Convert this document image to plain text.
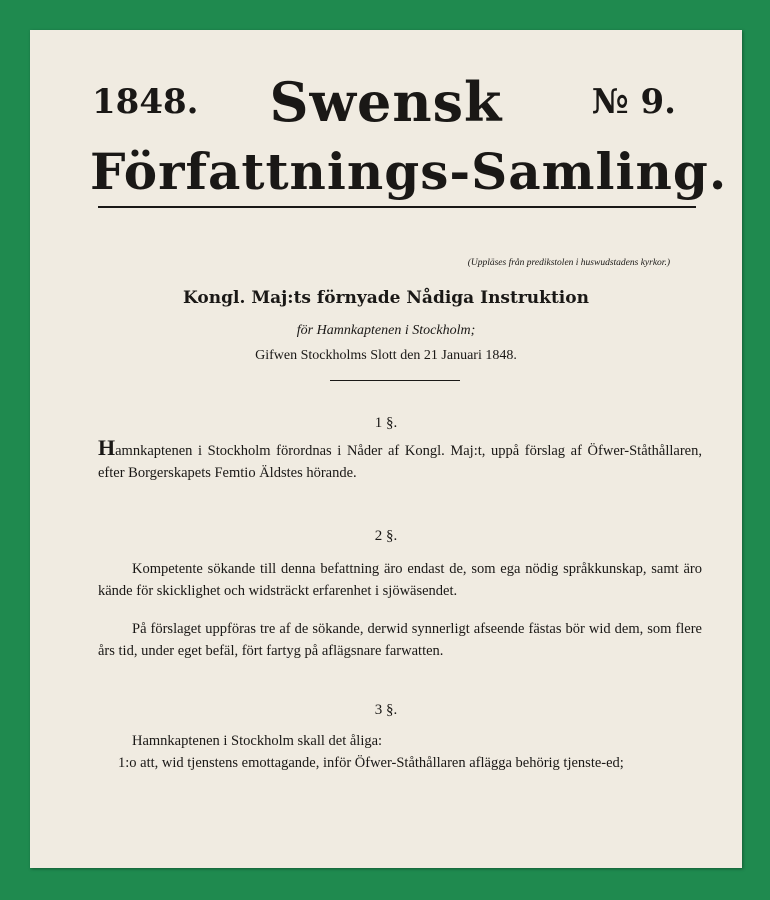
1848.	Swensk	№ 9.
Författnings-Samling.
(Uppläses från predikstolen i huswudstadens kyrkor.)
Kongl. Maj:ts förnyade Nådiga Instruktion
för Hamnkaptenen i Stockholm;
Gifwen Stockholms Slott den 21 Januari 1848.
1 §.
Hamnkaptenen i Stockholm förordnas i Nåder af Kongl. Maj:t, uppå förslag af Öfwer-Ståthållaren, efter Borgerskapets Femtio Äldstes hörande.
2 §.
Kompetente sökande till denna befattning äro endast de, som ega nödig språkkunskap, samt äro kände för skicklighet och widsträckt erfarenhet i sjöwäsendet.
På förslaget uppföras tre af de sökande, derwid synnerligt afseende fästas bör wid dem, som flere års tid, under eget befäl, fört fartyg på aflägsnare farwatten.
3 §.
Hamnkaptenen i Stockholm skall det åliga:
1:o att, wid tjenstens emottagande, inför Öfwer-Ståthållaren aflägga behörig tjenste-ed;
